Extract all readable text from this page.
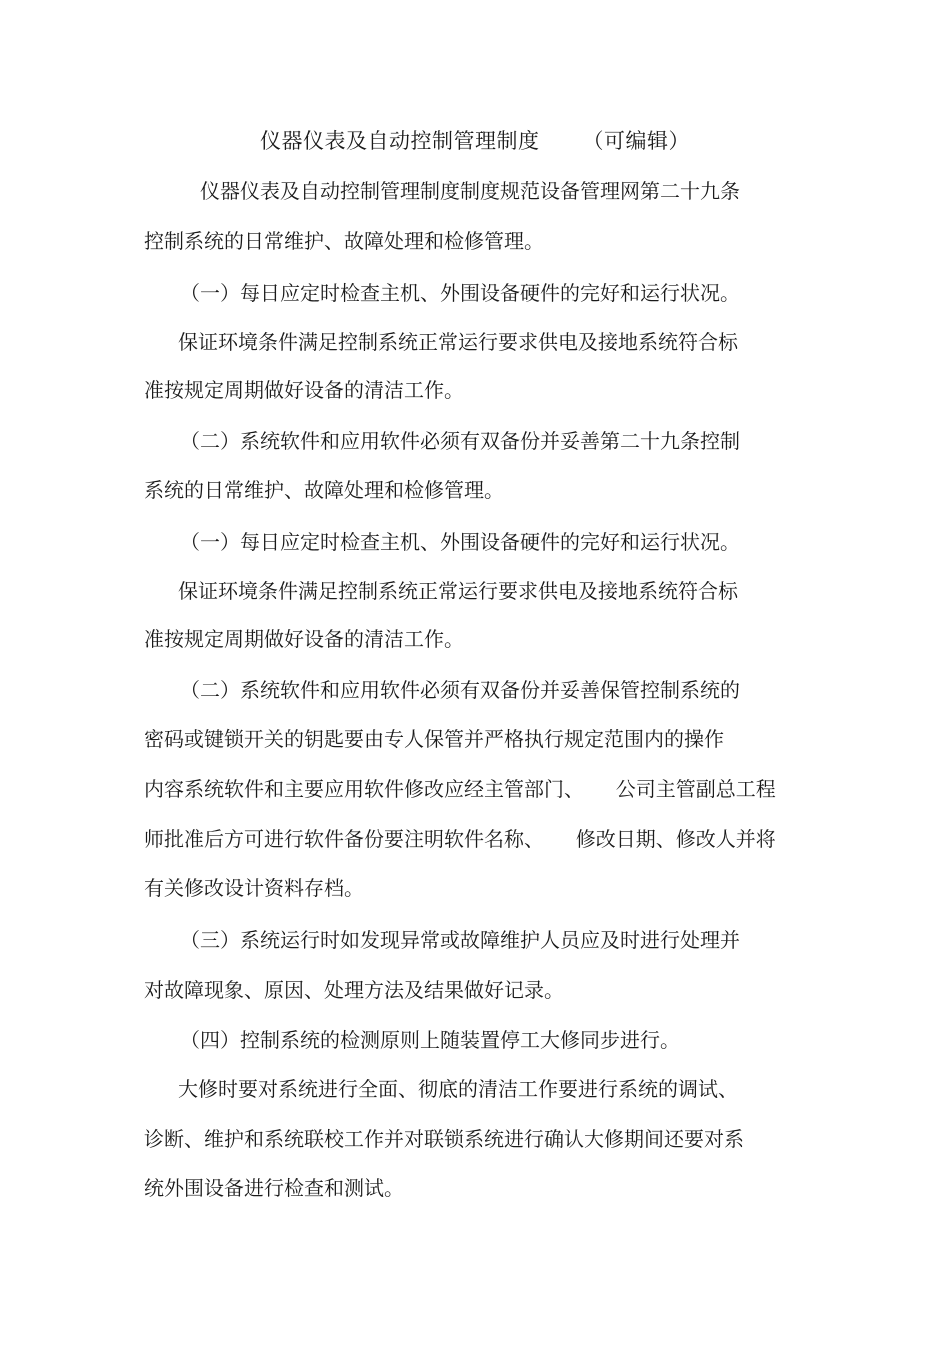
仪器仪表及自动控制管理制度      （可编辑）
仪器仪表及自动控制管理制度制度规范设备管理网第二十九条
控制系统的日常维护、故障处理和检修管理。
（一）每日应定时检查主机、外围设备硬件的完好和运行状况。
保证环境条件满足控制系统正常运行要求供电及接地系统符合标
准按规定周期做好设备的清洁工作。
（二）系统软件和应用软件必须有双备份并妥善第二十九条控制
系统的日常维护、故障处理和检修管理。
（一）每日应定时检查主机、外围设备硬件的完好和运行状况。
保证环境条件满足控制系统正常运行要求供电及接地系统符合标
准按规定周期做好设备的清洁工作。
（二）系统软件和应用软件必须有双备份并妥善保管控制系统的
密码或键锁开关的钥匙要由专人保管并严格执行规定范围内的操作
内容系统软件和主要应用软件修改应经主管部门、     公司主管副总工程
师批准后方可进行软件备份要注明软件名称、     修改日期、修改人并将
有关修改设计资料存档。
（三）系统运行时如发现异常或故障维护人员应及时进行处理并
对故障现象、原因、处理方法及结果做好记录。
（四）控制系统的检测原则上随装置停工大修同步进行。
大修时要对系统进行全面、彻底的清洁工作要进行系统的调试、
诊断、维护和系统联校工作并对联锁系统进行确认大修期间还要对系
统外围设备进行检查和测试。
